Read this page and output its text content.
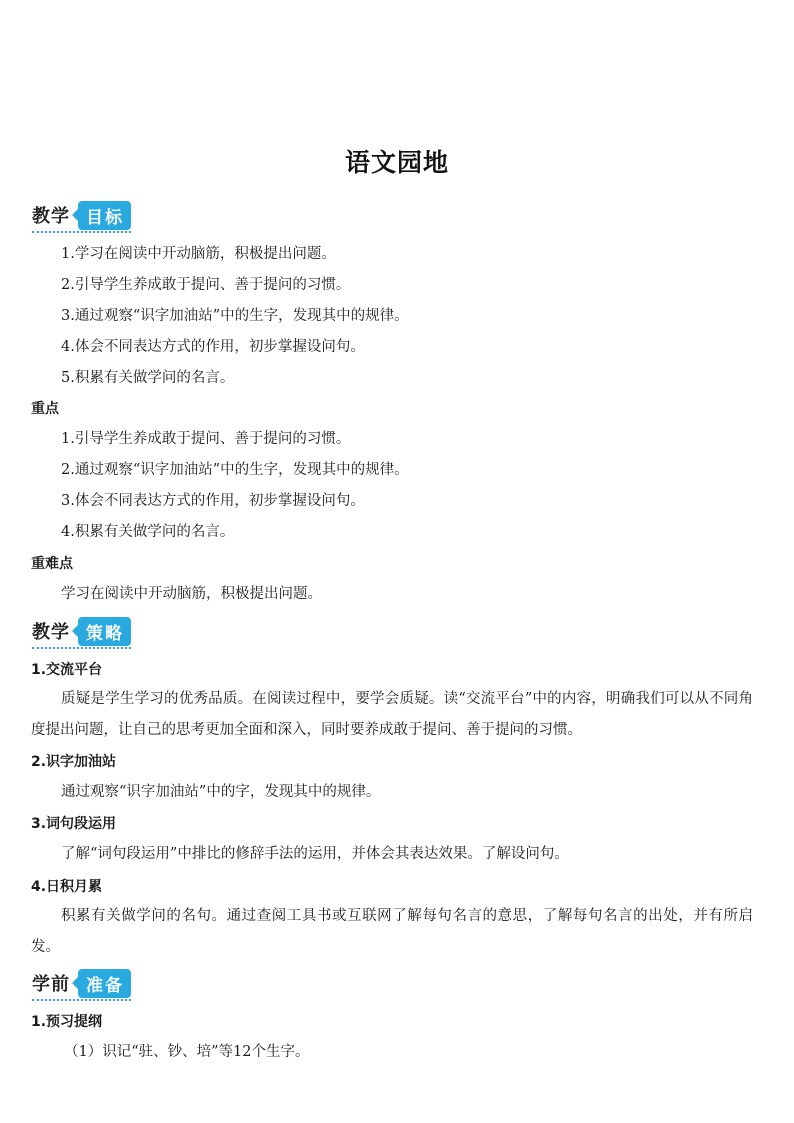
语文园地
教学 目标
1.学习在阅读中开动脑筋，积极提出问题。
2.引导学生养成敢于提问、善于提问的习惯。
3.通过观察“识字加油站”中的生字，发现其中的规律。
4.体会不同表达方式的作用，初步掌握设问句。
5.积累有关做学问的名言。
重点
1.引导学生养成敢于提问、善于提问的习惯。
2.通过观察“识字加油站”中的生字，发现其中的规律。
3.体会不同表达方式的作用，初步掌握设问句。
4.积累有关做学问的名言。
重难点
学习在阅读中开动脑筋，积极提出问题。
教学 策略
1.交流平台
质疑是学生学习的优秀品质。在阅读过程中，要学会质疑。读“交流平台”中的内容，明确我们可以从不同角度提出问题，让自己的思考更加全面和深入，同时要养成敢于提问、善于提问的习惯。
2.识字加油站
通过观察“识字加油站”中的字，发现其中的规律。
3.词句段运用
了解“词句段运用”中排比的修辞手法的运用，并体会其表达效果。了解设问句。
4.日积月累
积累有关做学问的名句。通过查阅工具书或互联网了解每句名言的意思，了解每句名言的出处，并有所启发。
学前 准备
1.预习提纲
（1）识记“驻、钞、培”等12个生字。
